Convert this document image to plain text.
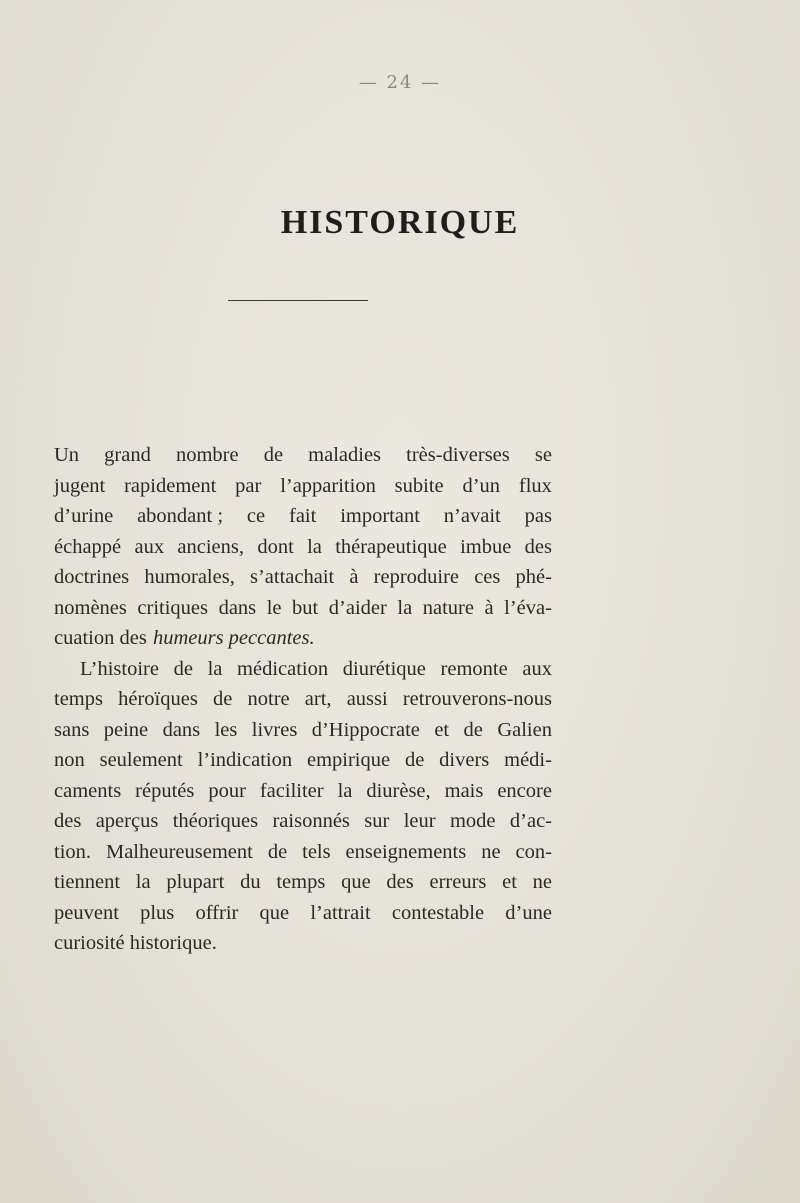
— 24 —
HISTORIQUE
Un grand nombre de maladies très-diverses se
jugent rapidement par l’apparition subite d’un flux
d’urine abondant ; ce fait important n’avait pas
échappé aux anciens, dont la thérapeutique imbue des
doctrines humorales, s’attachait à reproduire ces phé-
nomènes critiques dans le but d’aider la nature à l’éva-
cuation des humeurs peccantes.
L’histoire de la médication diurétique remonte aux
temps héroïques de notre art, aussi retrouverons-nous
sans peine dans les livres d’Hippocrate et de Galien
non seulement l’indication empirique de divers médi-
caments réputés pour faciliter la diurèse, mais encore
des aperçus théoriques raisonnés sur leur mode d’ac-
tion. Malheureusement de tels enseignements ne con-
tiennent la plupart du temps que des erreurs et ne
peuvent plus offrir que l’attrait contestable d’une
curiosité historique.
